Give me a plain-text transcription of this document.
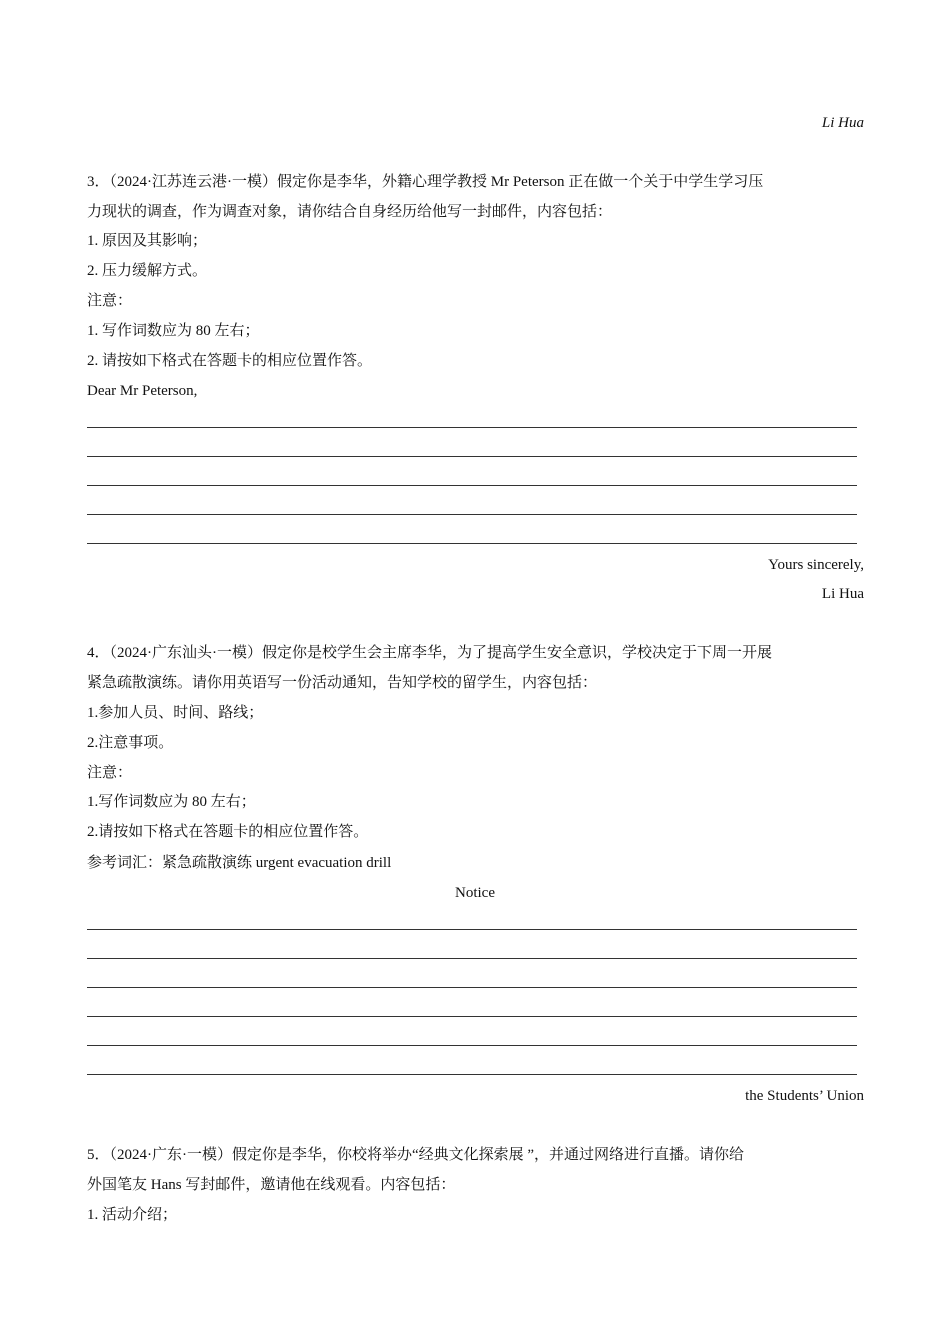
Li Hua
3．（2024·江苏连云港·一模）假定你是李华，外籍心理学教授 Mr Peterson 正在做一个关于中学生学习压
力现状的调查，作为调查对象，请你结合自身经历给他写一封邮件，内容包括：
1. 原因及其影响；
2. 压力缓解方式。
注意：
1. 写作词数应为 80 左右；
2. 请按如下格式在答题卡的相应位置作答。
Dear Mr Peterson,
Yours sincerely,
Li Hua
4．（2024·广东汕头·一模）假定你是校学生会主席李华，为了提高学生安全意识，学校决定于下周一开展
紧急疏散演练。请你用英语写一份活动通知，告知学校的留学生，内容包括：
1.参加人员、时间、路线；
2.注意事项。
注意：
1.写作词数应为 80 左右；
2.请按如下格式在答题卡的相应位置作答。
参考词汇：紧急疏散演练 urgent evacuation drill
Notice
the Students’ Union
5．（2024·广东·一模）假定你是李华，你校将举办“经典文化探索展 ”，并通过网络进行直播。请你给
外国笔友 Hans 写封邮件，邀请他在线观看。内容包括：
1. 活动介绍；
